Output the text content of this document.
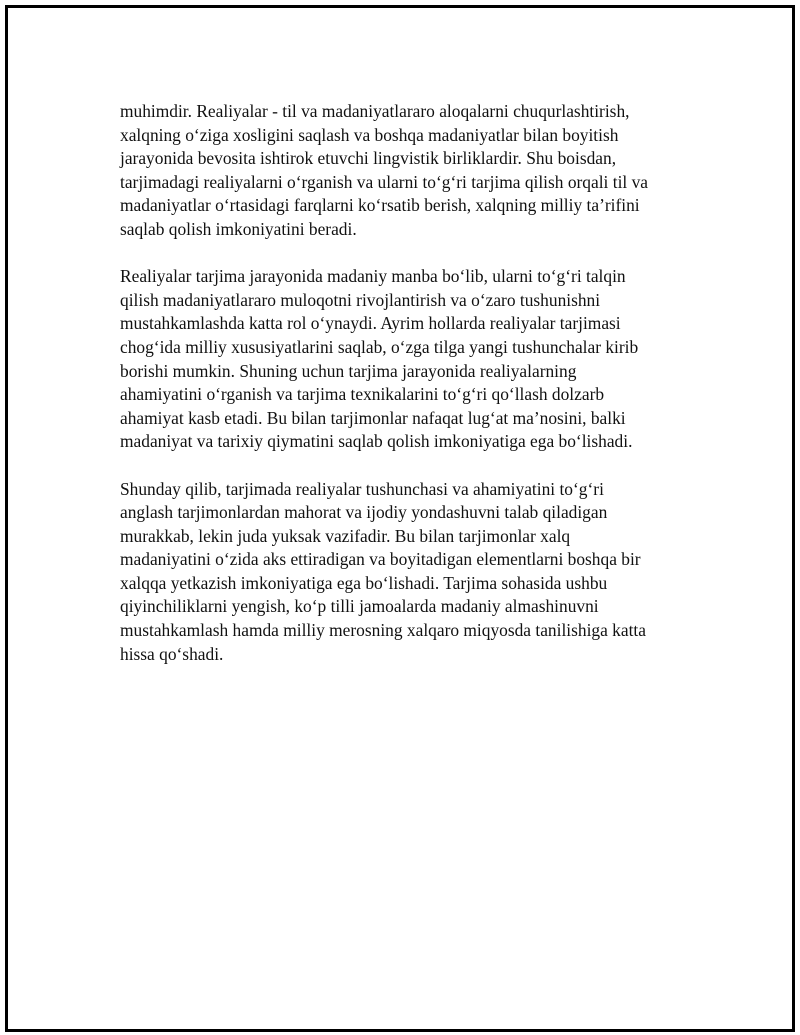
muhimdir. Realiyalar - til va madaniyatlararo aloqalarni chuqurlashtirish,
xalqning o‘ziga xosligini saqlash va boshqa madaniyatlar bilan boyitish
jarayonida bevosita ishtirok etuvchi lingvistik birliklardir. Shu boisdan,
tarjimadagi realiyalarni o‘rganish va ularni to‘g‘ri tarjima qilish orqali til va
madaniyatlar o‘rtasidagi farqlarni ko‘rsatib berish, xalqning milliy ta’rifini
saqlab qolish imkoniyatini beradi.

Realiyalar tarjima jarayonida madaniy manba bo‘lib, ularni to‘g‘ri talqin
qilish madaniyatlararo muloqotni rivojlantirish va o‘zaro tushunishni
mustahkamlashda katta rol o‘ynaydi. Ayrim hollarda realiyalar tarjimasi
chog‘ida milliy xususiyatlarini saqlab, o‘zga tilga yangi tushunchalar kirib
borishi mumkin. Shuning uchun tarjima jarayonida realiyalarning
ahamiyatini o‘rganish va tarjima texnikalarini to‘g‘ri qo‘llash dolzarb
ahamiyat kasb etadi. Bu bilan tarjimonlar nafaqat lug‘at ma’nosini, balki
madaniyat va tarixiy qiymatini saqlab qolish imkoniyatiga ega bo‘lishadi.

Shunday qilib, tarjimada realiyalar tushunchasi va ahamiyatini to‘g‘ri
anglash tarjimonlardan mahorat va ijodiy yondashuvni talab qiladigan
murakkab, lekin juda yuksak vazifadir. Bu bilan tarjimonlar xalq
madaniyatini o‘zida aks ettiradigan va boyitadigan elementlarni boshqa bir
xalqqa yetkazish imkoniyatiga ega bo‘lishadi. Tarjima sohasida ushbu
qiyinchiliklarni yengish, ko‘p tilli jamoalarda madaniy almashinuvni
mustahkamlash hamda milliy merosning xalqaro miqyosda tanilishiga katta
hissa qo‘shadi.
